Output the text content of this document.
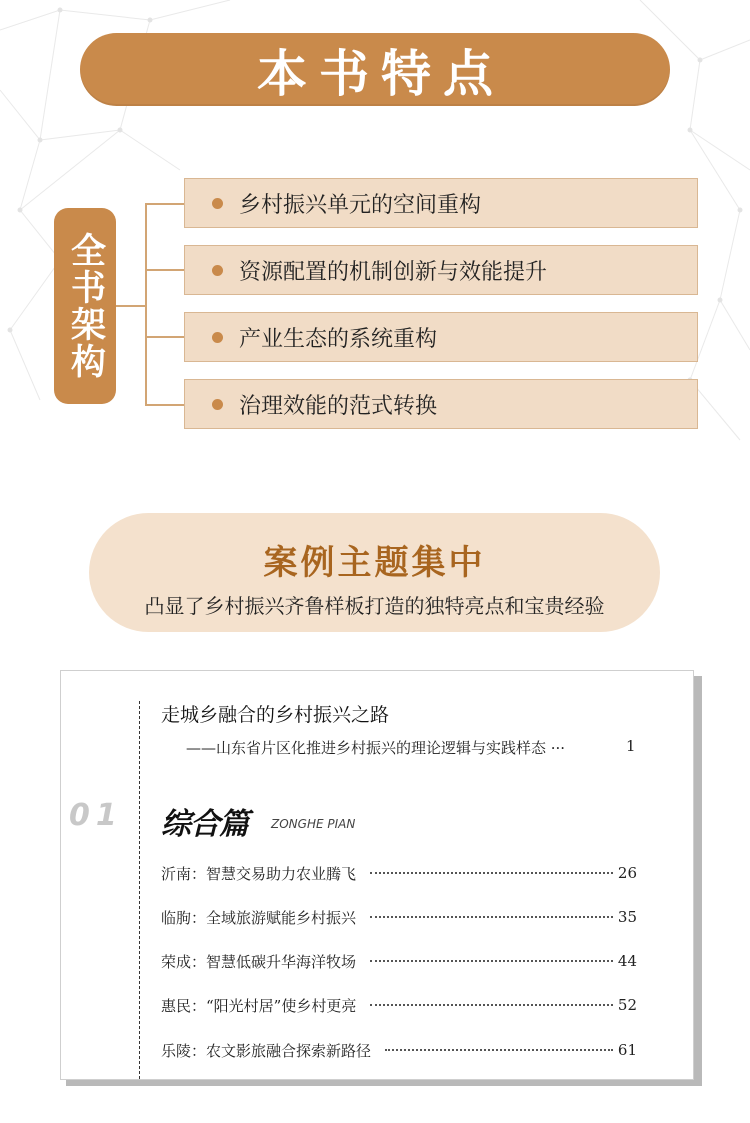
本书特点
全书架构
乡村振兴单元的空间重构
资源配置的机制创新与效能提升
产业生态的系统重构
治理效能的范式转换
案例主题集中
凸显了乡村振兴齐鲁样板打造的独特亮点和宝贵经验
走城乡融合的乡村振兴之路
——山东省片区化推进乡村振兴的理论逻辑与实践样态 ···	1
01 综合篇 ZONGHE PIAN
沂南：智慧交易助力农业腾飞	26
临朐：全域旅游赋能乡村振兴	35
荣成：智慧低碳升华海洋牧场	44
惠民：“阳光村居”使乡村更亮	52
乐陵：农文影旅融合探索新路径	61
